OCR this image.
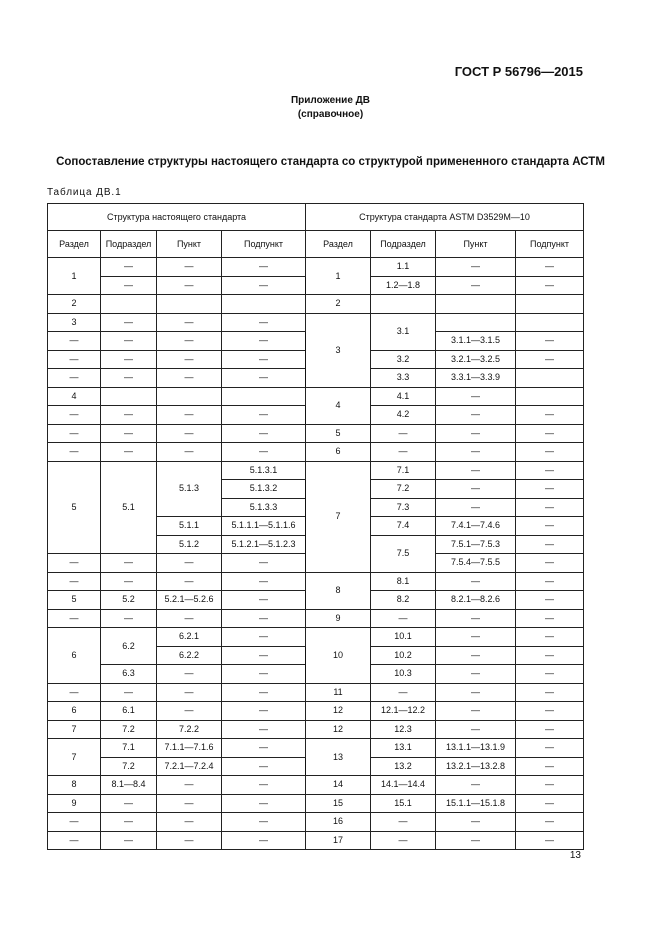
ГОСТ Р 56796—2015
Приложение ДВ
(справочное)
Сопоставление структуры настоящего стандарта со структурой примененного стандарта АСТМ
Таблица ДВ.1
Структура настоящего стандарта				Структура стандарта ASTM D3529M—10			
Раздел	Подраздел	Пункт	Подпункт	Раздел	Подраздел	Пункт	Подпункт
1	—	—	—	1	1.1	—	—
	—	—	—		1.2—1.8	—	—
2				2			
3	—	—	—	3	3.1		
—	—	—	—			3.1.1—3.1.5	—
—	—	—	—		3.2	3.2.1—3.2.5	—
—	—	—	—		3.3	3.3.1—3.3.9	
4				4	4.1	—	
—	—	—	—		4.2	—	—
—	—	—	—	5	—	—	—
—	—	—	—	6	—	—	—
5	5.1	5.1.3	5.1.3.1	7	7.1	—	—
			5.1.3.2		7.2	—	—
			5.1.3.3		7.3	—	—
		5.1.1	5.1.1.1—5.1.1.6		7.4	7.4.1—7.4.6	—
		5.1.2	5.1.2.1—5.1.2.3		7.5	7.5.1—7.5.3	—
—	—	—	—			7.5.4—7.5.5	—
—	—	—	—	8	8.1	—	—
5	5.2	5.2.1—5.2.6	—		8.2	8.2.1—8.2.6	—
—	—	—	—	9	—	—	—
6	6.2	6.2.1	—	10	10.1	—	—
		6.2.2	—		10.2	—	—
	6.3	—	—		10.3	—	—
—	—	—	—	11	—	—	—
6	6.1	—	—	12	12.1—12.2	—	—
7	7.2	7.2.2	—	12	12.3	—	—
7	7.1	7.1.1—7.1.6	—	13	13.1	13.1.1—13.1.9	—
	7.2	7.2.1—7.2.4	—		13.2	13.2.1—13.2.8	—
8	8.1—8.4	—	—	14	14.1—14.4	—	—
9	—	—	—	15	15.1	15.1.1—15.1.8	—
—	—	—	—	16	—	—	—
—	—	—	—	17	—	—	—
13
